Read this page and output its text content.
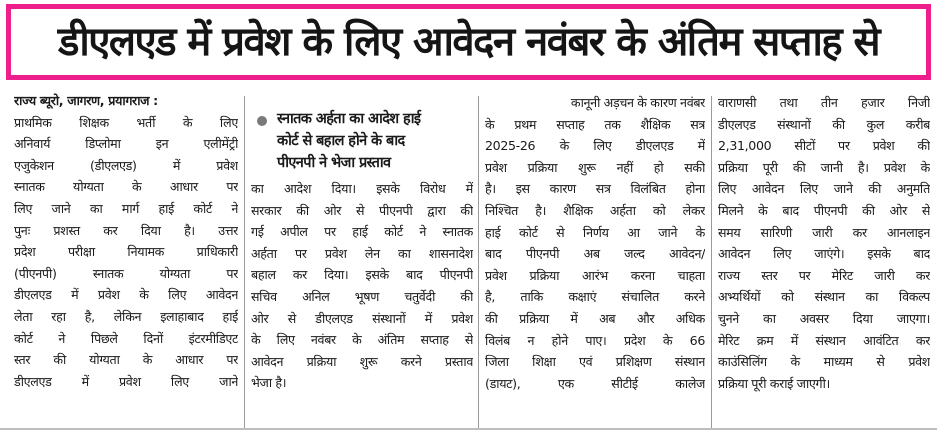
डीएलएड में प्रवेश के लिए आवेदन नवंबर के अंतिम सप्ताह से
राज्य ब्यूरो, जागरण, प्रयागराज :
प्राथमिक शिक्षक भर्ती के लिए
अनिवार्य डिप्लोमा इन एलीमेंट्री
एजुकेशन (डीएलएड) में प्रवेश
स्नातक योग्यता के आधार पर
लिए जाने का मार्ग हाई कोर्ट ने
पुनः प्रशस्त कर दिया है। उत्तर
प्रदेश परीक्षा नियामक प्राधिकारी
(पीएनपी) स्नातक योग्यता पर
डीएलएड में प्रवेश के लिए आवेदन
लेता रहा है, लेकिन इलाहाबाद हाई
कोर्ट ने पिछले दिनों इंटरमीडिएट
स्तर की योग्यता के आधार पर
डीएलएड में प्रवेश लिए जाने
स्नातक अर्हता का आदेश हाई
कोर्ट से बहाल होने के बाद
पीएनपी ने भेजा प्रस्ताव
का आदेश दिया। इसके विरोध में
सरकार की ओर से पीएनपी द्वारा की
गई अपील पर हाई कोर्ट ने स्नातक
अर्हता पर प्रवेश लेन का शासनादेश
बहाल कर दिया। इसके बाद पीएनपी
सचिव अनिल भूषण चतुर्वेदी की
ओर से डीएलएड संस्थानों में प्रवेश
के लिए नवंबर के अंतिम सप्ताह से
आवेदन प्रक्रिया शुरू करने प्रस्ताव
भेजा है।
कानूनी अड़चन के कारण नवंबर
के प्रथम सप्ताह तक शैक्षिक सत्र
2025-26 के लिए डीएलएड में
प्रवेश प्रक्रिया शुरू नहीं हो सकी
है। इस कारण सत्र विलंबित होना
निश्चित है। शैक्षिक अर्हता को लेकर
हाई कोर्ट से निर्णय आ जाने के
बाद पीएनपी अब जल्द आवेदन/
प्रवेश प्रक्रिया आरंभ करना चाहता
है, ताकि कक्षाएं संचालित करने
की प्रक्रिया में अब और अधिक
विलंब न होने पाए। प्रदेश के 66
जिला शिक्षा एवं प्रशिक्षण संस्थान
(डायट), एक सीटीई कालेज
वाराणसी तथा तीन हजार निजी
डीएलएड संस्थानों की कुल करीब
2,31,000 सीटों पर प्रवेश की
प्रक्रिया पूरी की जानी है। प्रवेश के
लिए आवेदन लिए जाने की अनुमति
मिलने के बाद पीएनपी की ओर से
समय सारिणी जारी कर आनलाइन
आवेदन लिए जाएंगे। इसके बाद
राज्य स्तर पर मेरिट जारी कर
अभ्यर्थियों को संस्थान का विकल्प
चुनने का अवसर दिया जाएगा।
मेरिट क्रम में संस्थान आवंटित कर
काउंसिलिंग के माध्यम से प्रवेश
प्रक्रिया पूरी कराई जाएगी।
